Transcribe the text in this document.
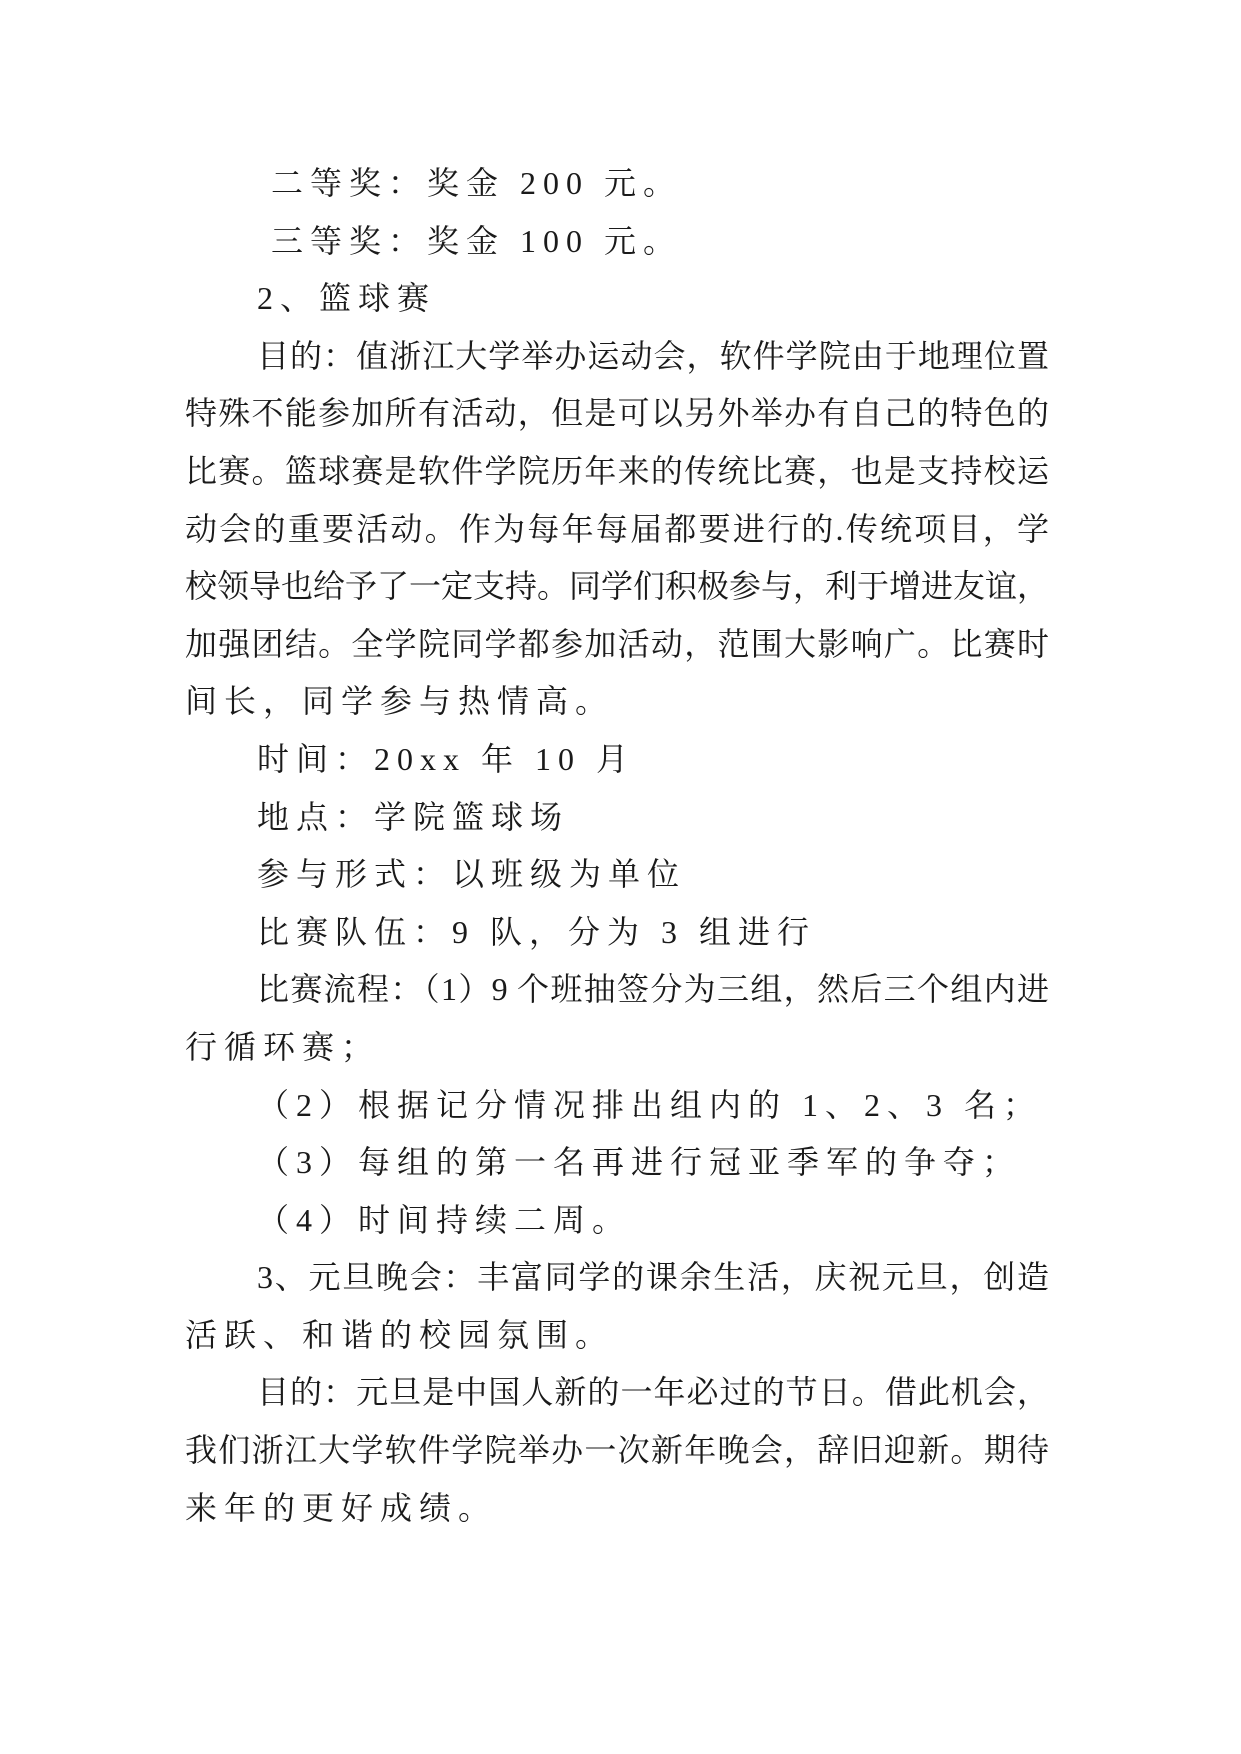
二等奖：奖金 200 元。
三等奖：奖金 100 元。
2、篮球赛
目的：值浙江大学举办运动会，软件学院由于地理位置
特殊不能参加所有活动，但是可以另外举办有自己的特色的
比赛。篮球赛是软件学院历年来的传统比赛，也是支持校运
动会的重要活动。作为每年每届都要进行的.传统项目，学
校领导也给予了一定支持。同学们积极参与，利于增进友谊，
加强团结。全学院同学都参加活动，范围大影响广。比赛时
间长，同学参与热情高。
时间：20xx 年 10 月
地点：学院篮球场
参与形式：以班级为单位
比赛队伍：9 队，分为 3 组进行
比赛流程：（1）9 个班抽签分为三组，然后三个组内进
行循环赛；
（2）根据记分情况排出组内的 1、2、3 名；
（3）每组的第一名再进行冠亚季军的争夺；
（4）时间持续二周。
3、元旦晚会：丰富同学的课余生活，庆祝元旦，创造
活跃、和谐的校园氛围。
目的：元旦是中国人新的一年必过的节日。借此机会，
我们浙江大学软件学院举办一次新年晚会，辞旧迎新。期待
来年的更好成绩。
